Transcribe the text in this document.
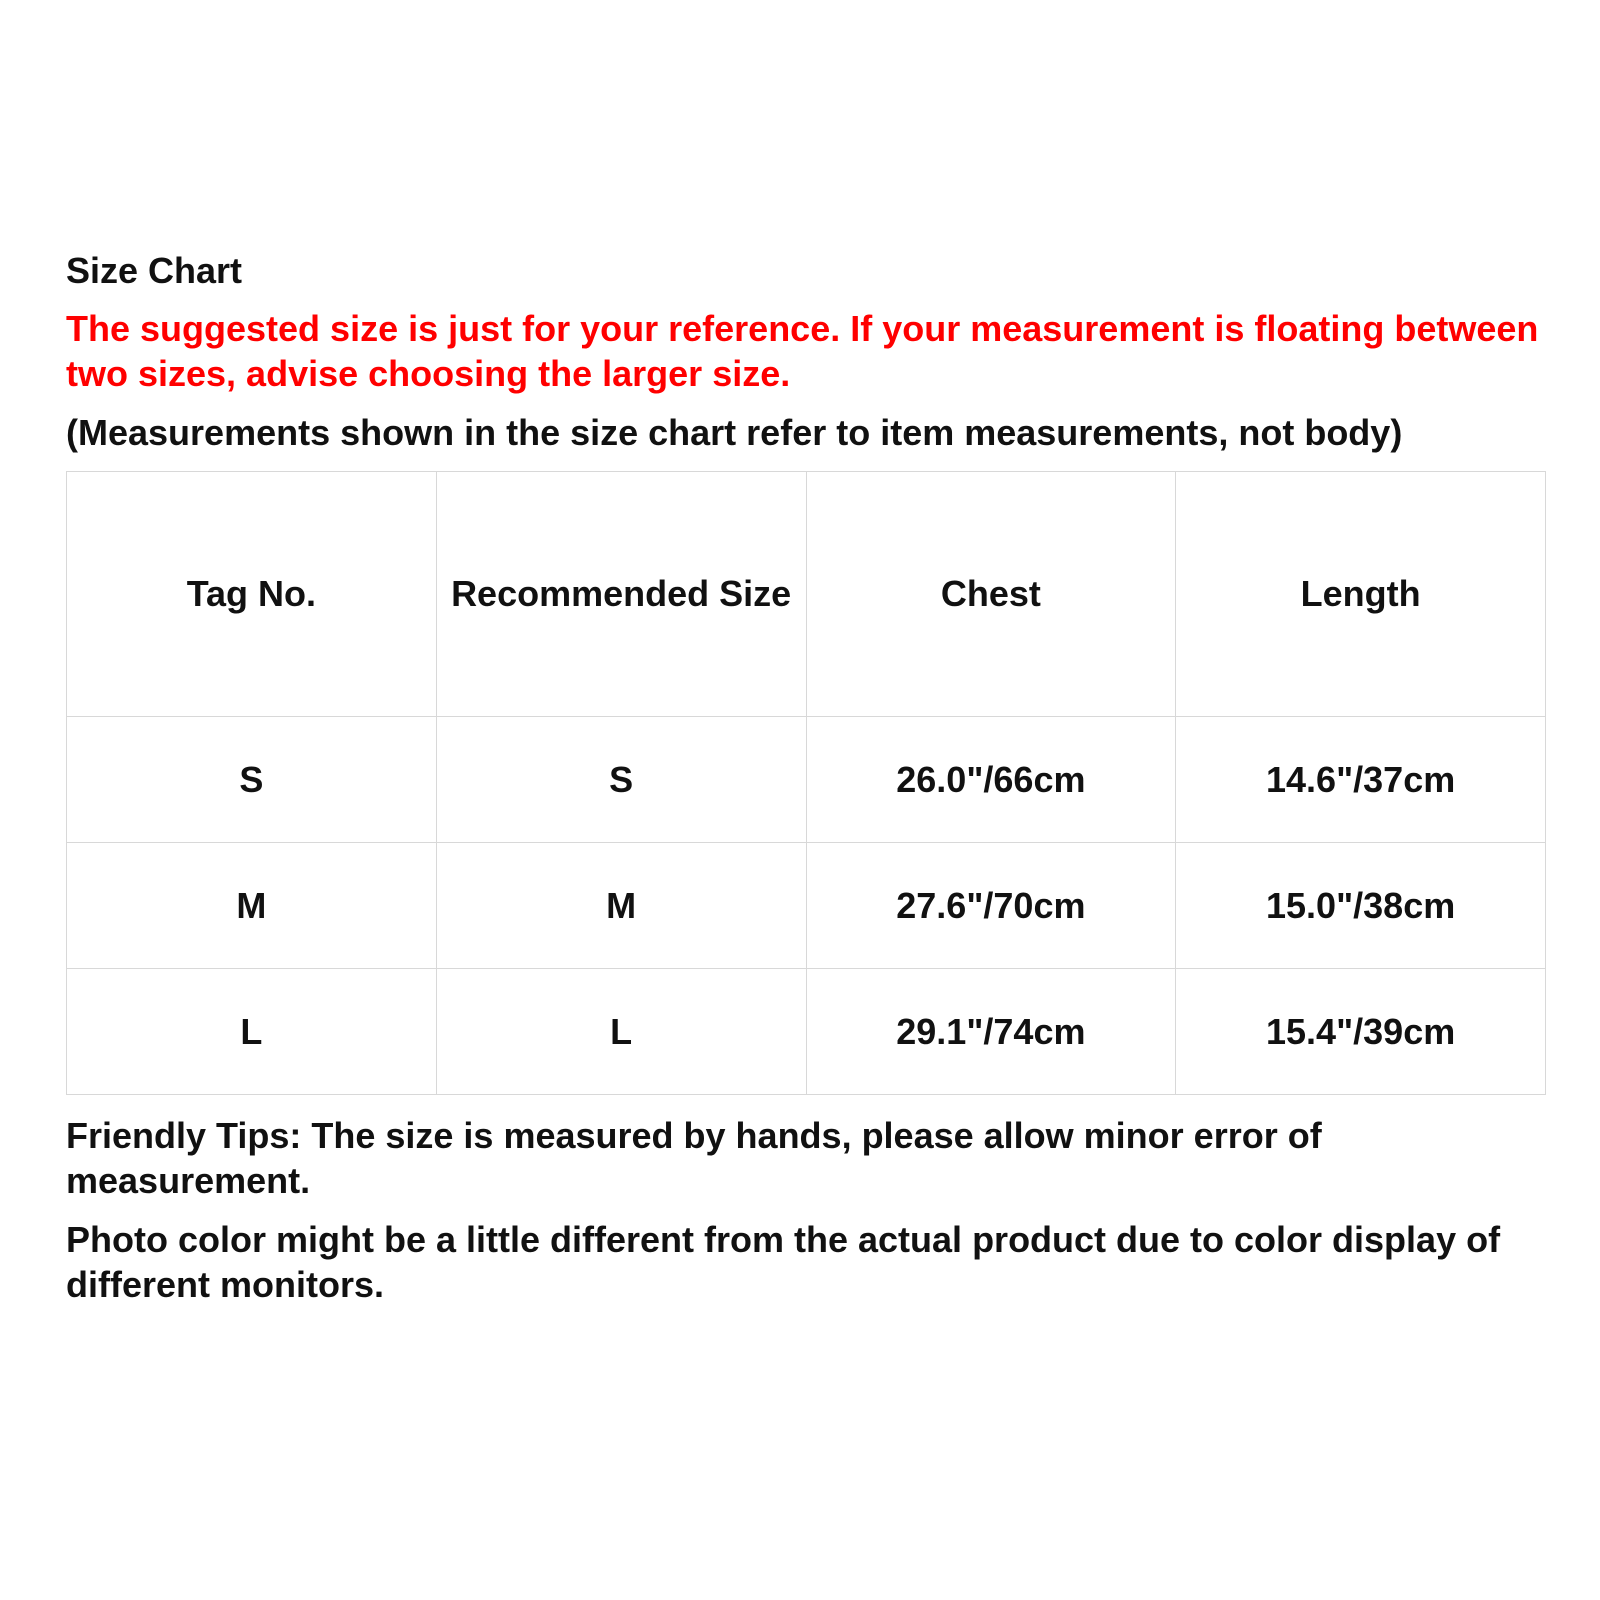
Size Chart
The suggested size is just for your reference. If your measurement is floating between two sizes, advise choosing the larger size.
(Measurements shown in the size chart refer to item measurements, not body)
Tag No.	Recommended Size	Chest	Length
S	S	26.0"/66cm	14.6"/37cm
M	M	27.6"/70cm	15.0"/38cm
L	L	29.1"/74cm	15.4"/39cm
Friendly Tips: The size is measured by hands, please allow minor error of measurement.
Photo color might be a little different from the actual product due to color display of different monitors.
